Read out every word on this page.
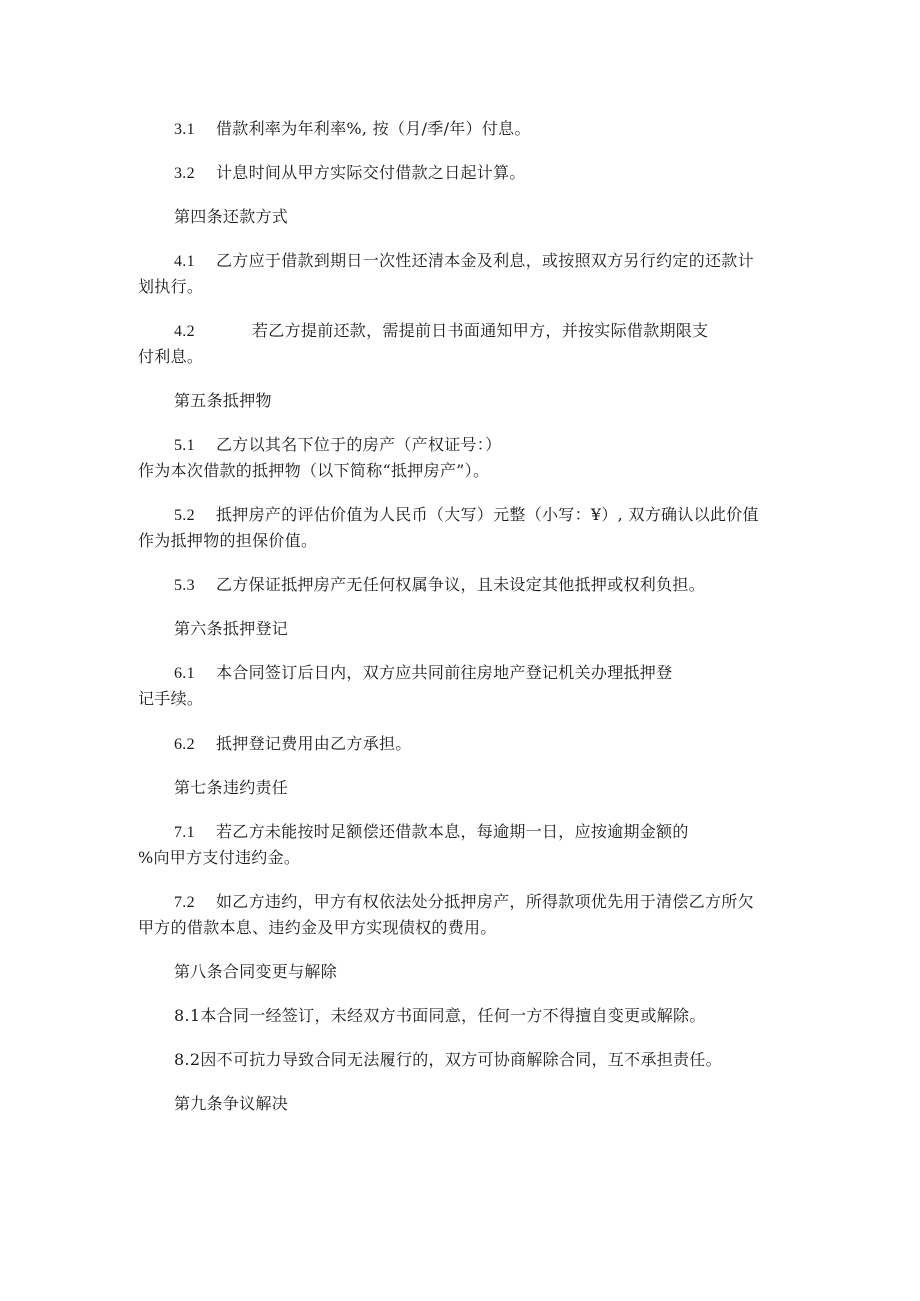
3.1 借款利率为年利率%, 按（月/季/年）付息。
3.2 计息时间从甲方实际交付借款之日起计算。
第四条还款方式
4.1 乙方应于借款到期日一次性还清本金及利息，或按照双方另行约定的还款计
划执行。
4.2	若乙方提前还款，需提前日书面通知甲方，并按实际借款期限支
付利息。
第五条抵押物
5.1 乙方以其名下位于的房产（产权证号：）
作为本次借款的抵押物（以下简称“抵押房产”）。
5.2 抵押房产的评估价值为人民币（大写）元整（小写：¥）, 双方确认以此价值
作为抵押物的担保价值。
5.3 乙方保证抵押房产无任何权属争议，且未设定其他抵押或权利负担。
第六条抵押登记
6.1 本合同签订后日内，双方应共同前往房地产登记机关办理抵押登
记手续。
6.2 抵押登记费用由乙方承担。
第七条违约责任
7.1 若乙方未能按时足额偿还借款本息，每逾期一日，应按逾期金额的
%向甲方支付违约金。
7.2 如乙方违约，甲方有权依法处分抵押房产，所得款项优先用于清偿乙方所欠
甲方的借款本息、违约金及甲方实现债权的费用。
第八条合同变更与解除
8.1本合同一经签订，未经双方书面同意，任何一方不得擅自变更或解除。
8.2因不可抗力导致合同无法履行的，双方可协商解除合同，互不承担责任。
第九条争议解决
